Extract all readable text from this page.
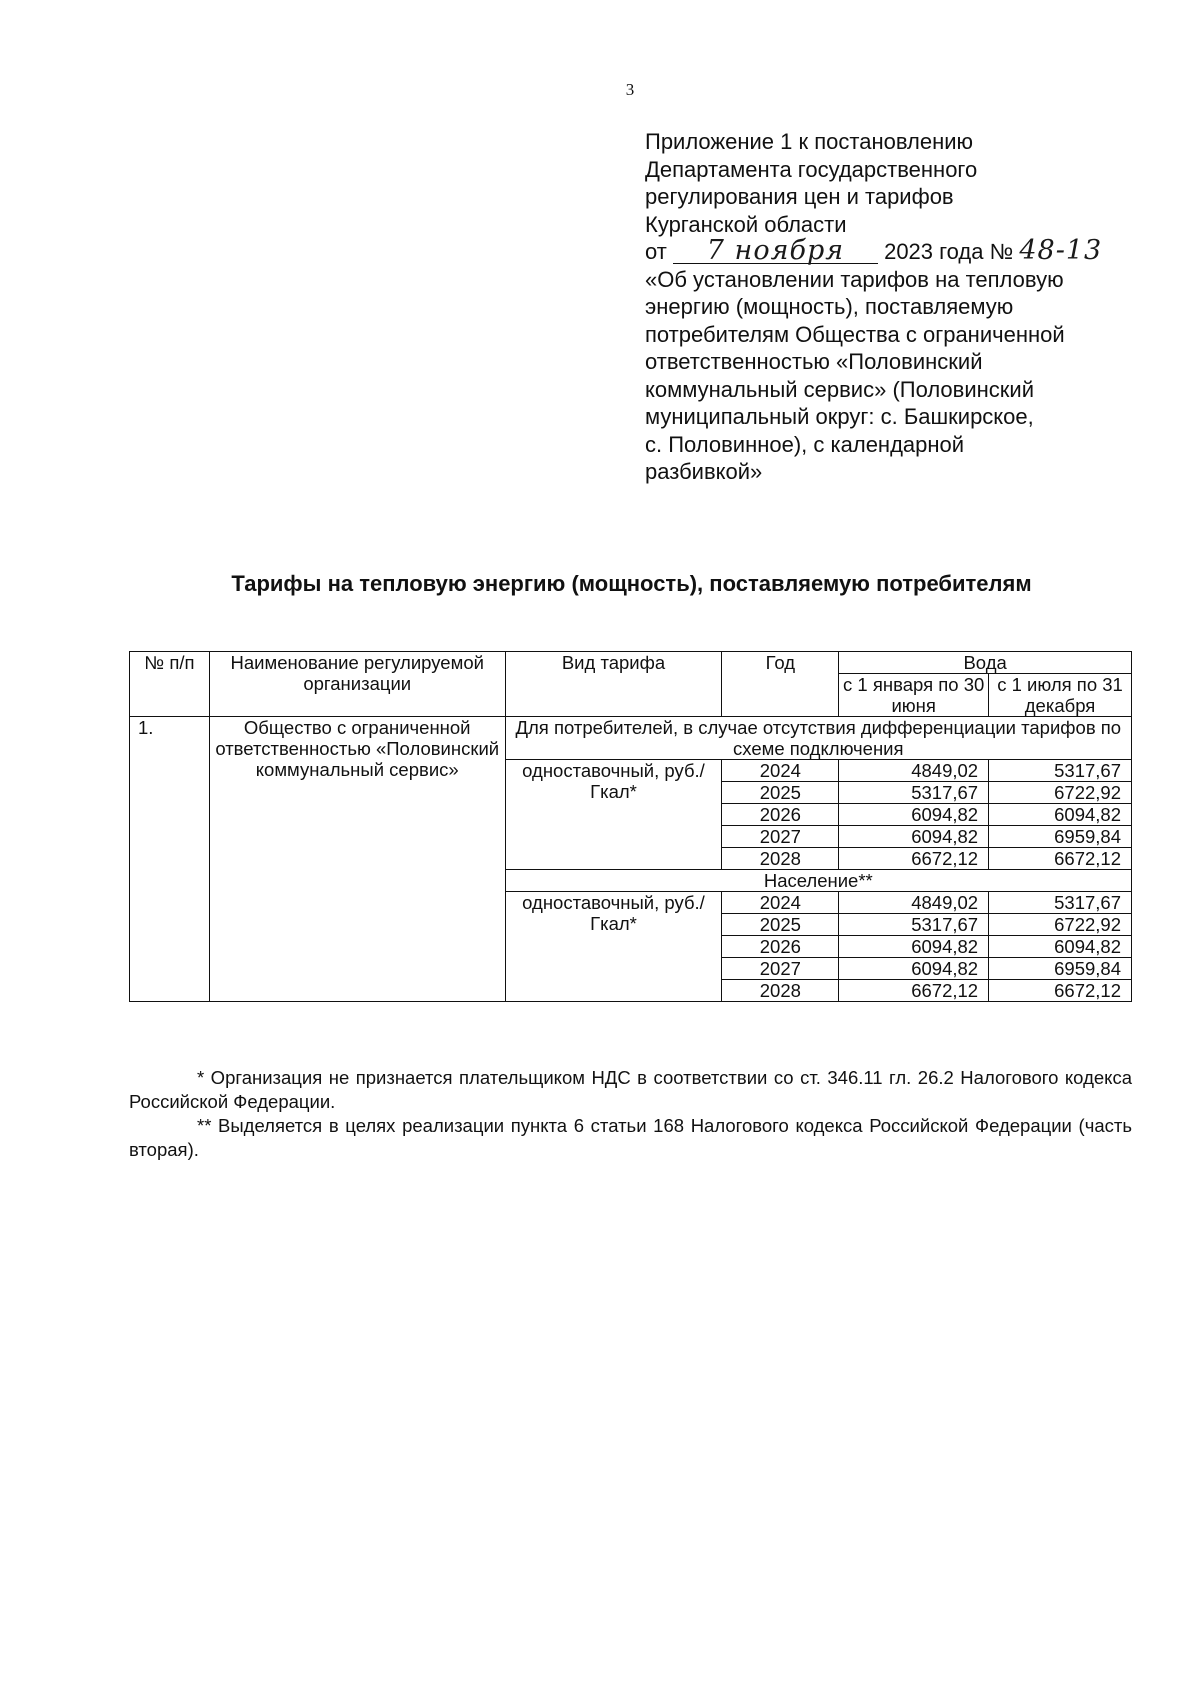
3
Приложение 1 к постановлению
Департамента государственного
регулирования цен и тарифов
Курганской области
от 7 ноября 2023 года № 48-13
«Об установлении тарифов на тепловую
энергию (мощность), поставляемую
потребителям Общества с ограниченной
ответственностью «Половинский
коммунальный сервис» (Половинский
муниципальный округ: с. Башкирское,
с. Половинное), с календарной
разбивкой»
Тарифы на тепловую энергию (мощность), поставляемую потребителям
№ п/п	Наименование регулируемой организации	Вид тарифа	Год	Вода	
				с 1 января по 30 июня	с 1 июля по 31 декабря
1.	Общество с ограниченной ответственностью «Половинский коммунальный сервис»	Для потребителей, в случае отсутствия дифференциации тарифов по схеме подключения			
		одноставочный, руб./Гкал*	2024	4849,02	5317,67
			2025	5317,67	6722,92
			2026	6094,82	6094,82
			2027	6094,82	6959,84
			2028	6672,12	6672,12
		Население**			
		одноставочный, руб./Гкал*	2024	4849,02	5317,67
			2025	5317,67	6722,92
			2026	6094,82	6094,82
			2027	6094,82	6959,84
			2028	6672,12	6672,12

* Организация не признается плательщиком НДС в соответствии со ст. 346.11 гл. 26.2 Налогового кодекса Российской Федерации.

** Выделяется в целях реализации пункта 6 статьи 168 Налогового кодекса Российской Федерации (часть вторая).
